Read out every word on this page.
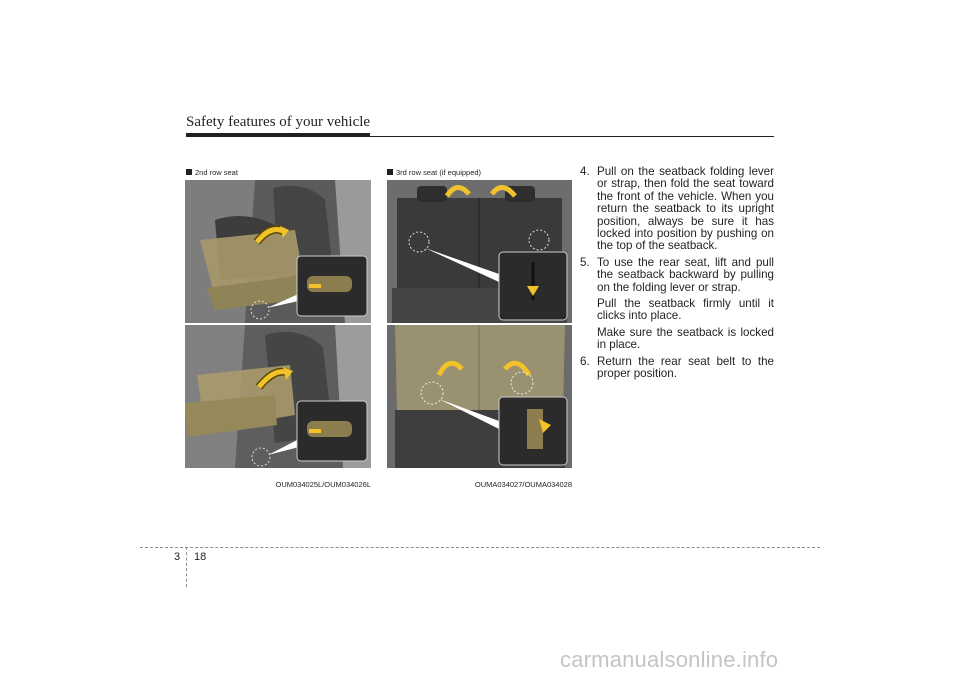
Safety features of your vehicle
2nd row seat
OUM034025L/OUM034026L
3rd row seat (if equipped)
OUMA034027/OUMA034028

4. Pull on the seatback folding lever or strap, then fold the seat toward the front of the vehicle. When you return the seatback to its upright position, always be sure it has locked into position by pushing on the top of the seatback.

5. To use the rear seat, lift and pull the seatback backward by pulling on the folding lever or strap.

Pull the seatback firmly until it clicks into place.

Make sure the seatback is locked in place.

6. Return the rear seat belt to the proper position.

3 18
carmanualsonline.info
